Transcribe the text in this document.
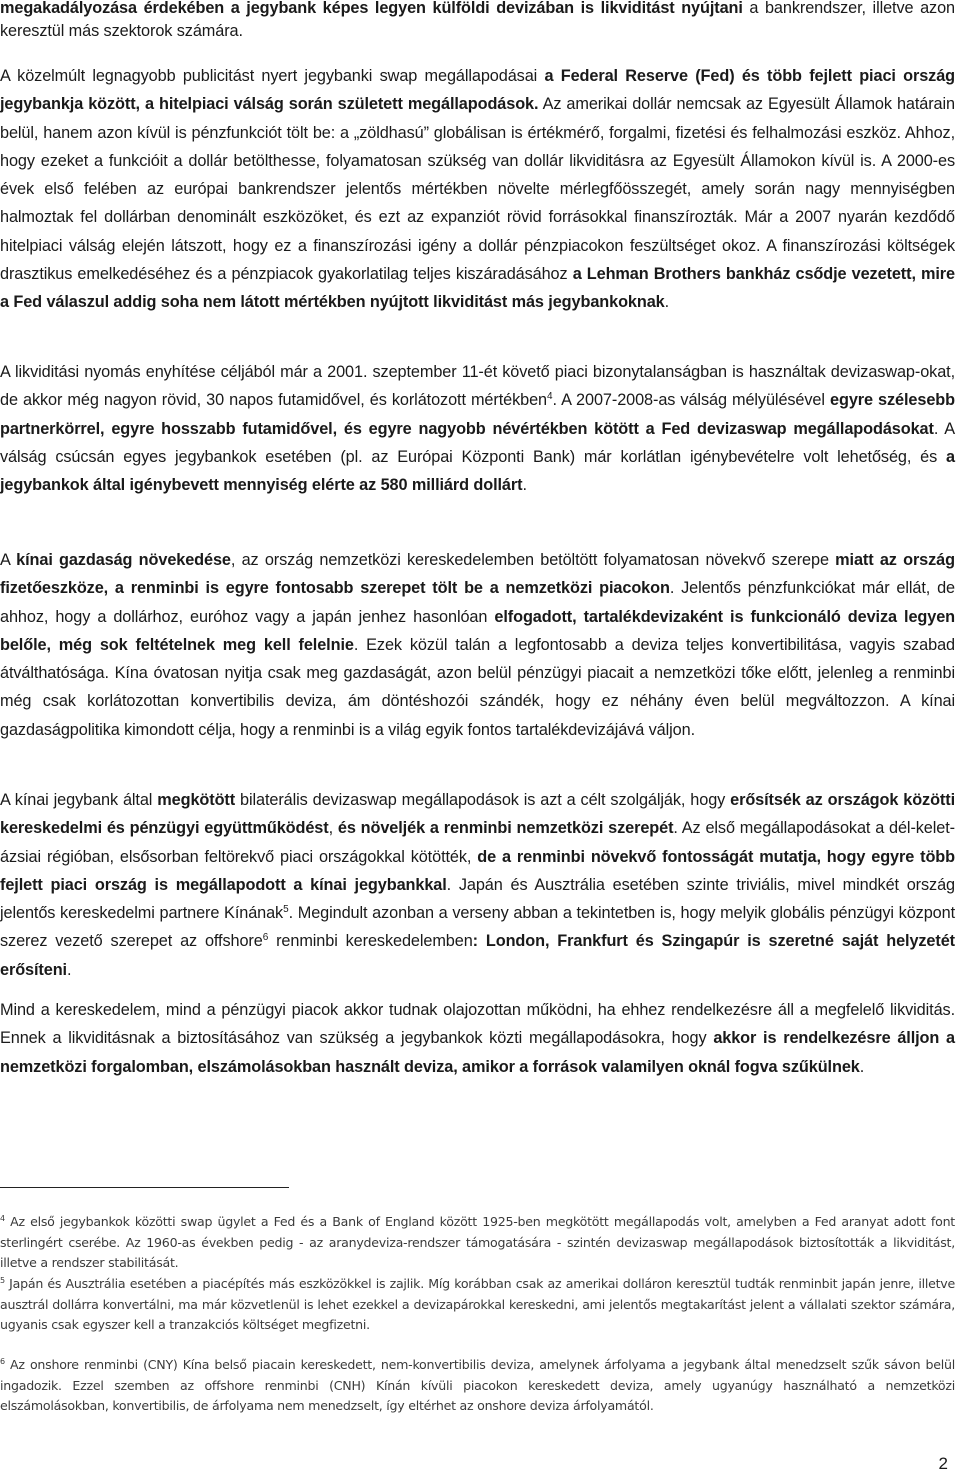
megakadályozása érdekében a jegybank képes legyen külföldi devizában is likviditást nyújtani a bankrendszer, illetve azon keresztül más szektorok számára.

A közelmúlt legnagyobb publicitást nyert jegybanki swap megállapodásai a Federal Reserve (Fed) és több fejlett piaci ország jegybankja között, a hitelpiaci válság során született megállapodások. Az amerikai dollár nemcsak az Egyesült Államok határain belül, hanem azon kívül is pénzfunkciót tölt be: a „zöldhasú” globálisan is értékmérő, forgalmi, fizetési és felhalmozási eszköz. Ahhoz, hogy ezeket a funkcióit a dollár betölthesse, folyamatosan szükség van dollár likviditásra az Egyesült Államokon kívül is. A 2000-es évek első felében az európai bankrendszer jelentős mértékben növelte mérlegfőösszegét, amely során nagy mennyiségben halmoztak fel dollárban denominált eszközöket, és ezt az expanziót rövid forrásokkal finanszírozták. Már a 2007 nyarán kezdődő hitelpiaci válság elején látszott, hogy ez a finanszírozási igény a dollár pénzpiacokon feszültséget okoz. A finanszírozási költségek drasztikus emelkedéséhez és a pénzpiacok gyakorlatilag teljes kiszáradásához a Lehman Brothers bankház csődje vezetett, mire a Fed válaszul addig soha nem látott mértékben nyújtott likviditást más jegybankoknak.

A likviditási nyomás enyhítése céljából már a 2001. szeptember 11-ét követő piaci bizonytalanságban is használtak devizaswap-okat, de akkor még nagyon rövid, 30 napos futamidővel, és korlátozott mértékben$^4$. A 2007-2008-as válság mélyülésével egyre szélesebb partnerkörrel, egyre hosszabb futamidővel, és egyre nagyobb névértékben kötött a Fed devizaswap megállapodásokat. A válság csúcsán egyes jegybankok esetében (pl. az Európai Központi Bank) már korlátlan igénybevételre volt lehetőség, és a jegybankok által igénybevett mennyiség elérte az 580 milliárd dollárt.

A kínai gazdaság növekedése, az ország nemzetközi kereskedelemben betöltött folyamatosan növekvő szerepe miatt az ország fizetőeszköze, a renminbi is egyre fontosabb szerepet tölt be a nemzetközi piacokon. Jelentős pénzfunkciókat már ellát, de ahhoz, hogy a dollárhoz, euróhoz vagy a japán jenhez hasonlóan elfogadott, tartalékdevizaként is funkcionáló deviza legyen belőle, még sok feltételnek meg kell felelnie. Ezek közül talán a legfontosabb a deviza teljes konvertibilitása, vagyis szabad átválthatósága. Kína óvatosan nyitja csak meg gazdaságát, azon belül pénzügyi piacait a nemzetközi tőke előtt, jelenleg a renminbi még csak korlátozottan konvertibilis deviza, ám döntéshozói szándék, hogy ez néhány éven belül megváltozzon. A kínai gazdaságpolitika kimondott célja, hogy a renminbi is a világ egyik fontos tartalékdevizájává váljon.

A kínai jegybank által megkötött bilaterális devizaswap megállapodások is azt a célt szolgálják, hogy erősítsék az országok közötti kereskedelmi és pénzügyi együttműködést, és növeljék a renminbi nemzetközi szerepét. Az első megállapodásokat a dél-kelet-ázsiai régióban, elsősorban feltörekvő piaci országokkal kötötték, de a renminbi növekvő fontosságát mutatja, hogy egyre több fejlett piaci ország is megállapodott a kínai jegybankkal. Japán és Ausztrália esetében szinte triviális, mivel mindkét ország jelentős kereskedelmi partnere Kínának$^5$. Megindult azonban a verseny abban a tekintetben is, hogy melyik globális pénzügyi központ szerez vezető szerepet az offshore$^6$ renminbi kereskedelemben: London, Frankfurt és Szingapúr is szeretné saját helyzetét erősíteni.

Mind a kereskedelem, mind a pénzügyi piacok akkor tudnak olajozottan működni, ha ehhez rendelkezésre áll a megfelelő likviditás. Ennek a likviditásnak a biztosításához van szükség a jegybankok közti megállapodásokra, hogy akkor is rendelkezésre álljon a nemzetközi forgalomban, elszámolásokban használt deviza, amikor a források valamilyen oknál fogva szűkülnek.

$^4$ Az első jegybankok közötti swap ügylet a Fed és a Bank of England között 1925-ben megkötött megállapodás volt, amelyben a Fed aranyat adott font sterlingért cserébe. Az 1960-as években pedig - az aranydeviza-rendszer támogatására - szintén devizaswap megállapodások biztosították a likviditást, illetve a rendszer stabilitását.

$^5$ Japán és Ausztrália esetében a piacépítés más eszközökkel is zajlik. Míg korábban csak az amerikai dolláron keresztül tudták renminbit japán jenre, illetve ausztrál dollárra konvertálni, ma már közvetlenül is lehet ezekkel a devizapárokkal kereskedni, ami jelentős megtakarítást jelent a vállalati szektor számára, ugyanis csak egyszer kell a tranzakciós költséget megfizetni.

$^6$ Az onshore renminbi (CNY) Kína belső piacain kereskedett, nem-konvertibilis deviza, amelynek árfolyama a jegybank által menedzselt szűk sávon belül ingadozik. Ezzel szemben az offshore renminbi (CNH) Kínán kívüli piacokon kereskedett deviza, amely ugyanúgy használható a nemzetközi elszámolásokban, konvertibilis, de árfolyama nem menedzselt, így eltérhet az onshore deviza árfolyamától.

2
